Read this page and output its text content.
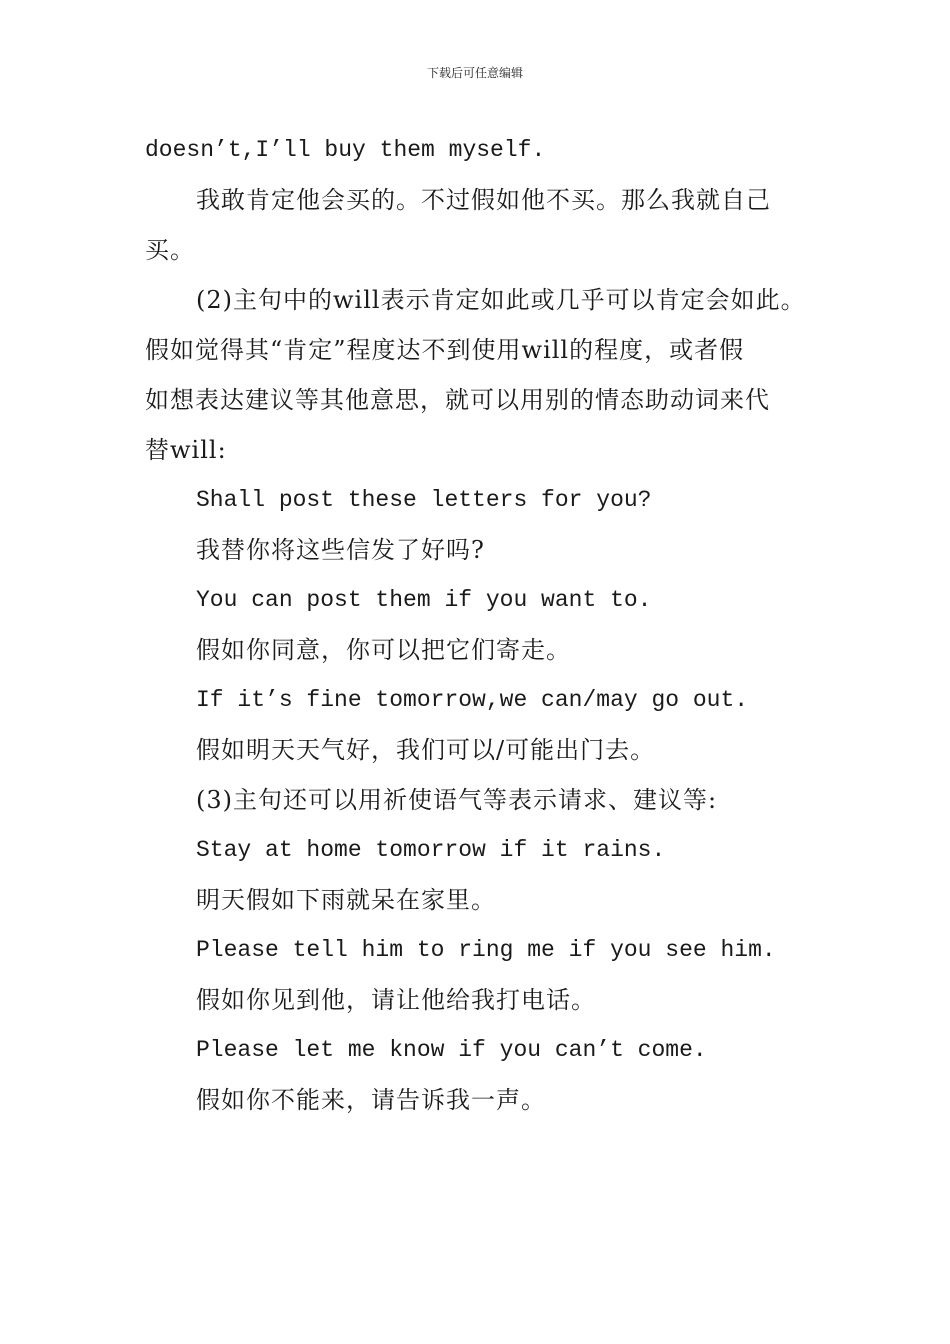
下载后可任意编辑
doesn’t,I’ll buy them myself.
我敢肯定他会买的。不过假如他不买。那么我就自己
买。
(2)主句中的will表示肯定如此或几乎可以肯定会如此。
假如觉得其“肯定”程度达不到使用will的程度，或者假
如想表达建议等其他意思，就可以用别的情态助动词来代
替will:
Shall post these letters for you?
我替你将这些信发了好吗?
You can post them if you want to.
假如你同意，你可以把它们寄走。
If it’s fine tomorrow,we can/may go out.
假如明天天气好，我们可以/可能出门去。
(3)主句还可以用祈使语气等表示请求、建议等:
Stay at home tomorrow if it rains.
明天假如下雨就呆在家里。
Please tell him to ring me if you see him.
假如你见到他，请让他给我打电话。
Please let me know if you can’t come.
假如你不能来，请告诉我一声。
